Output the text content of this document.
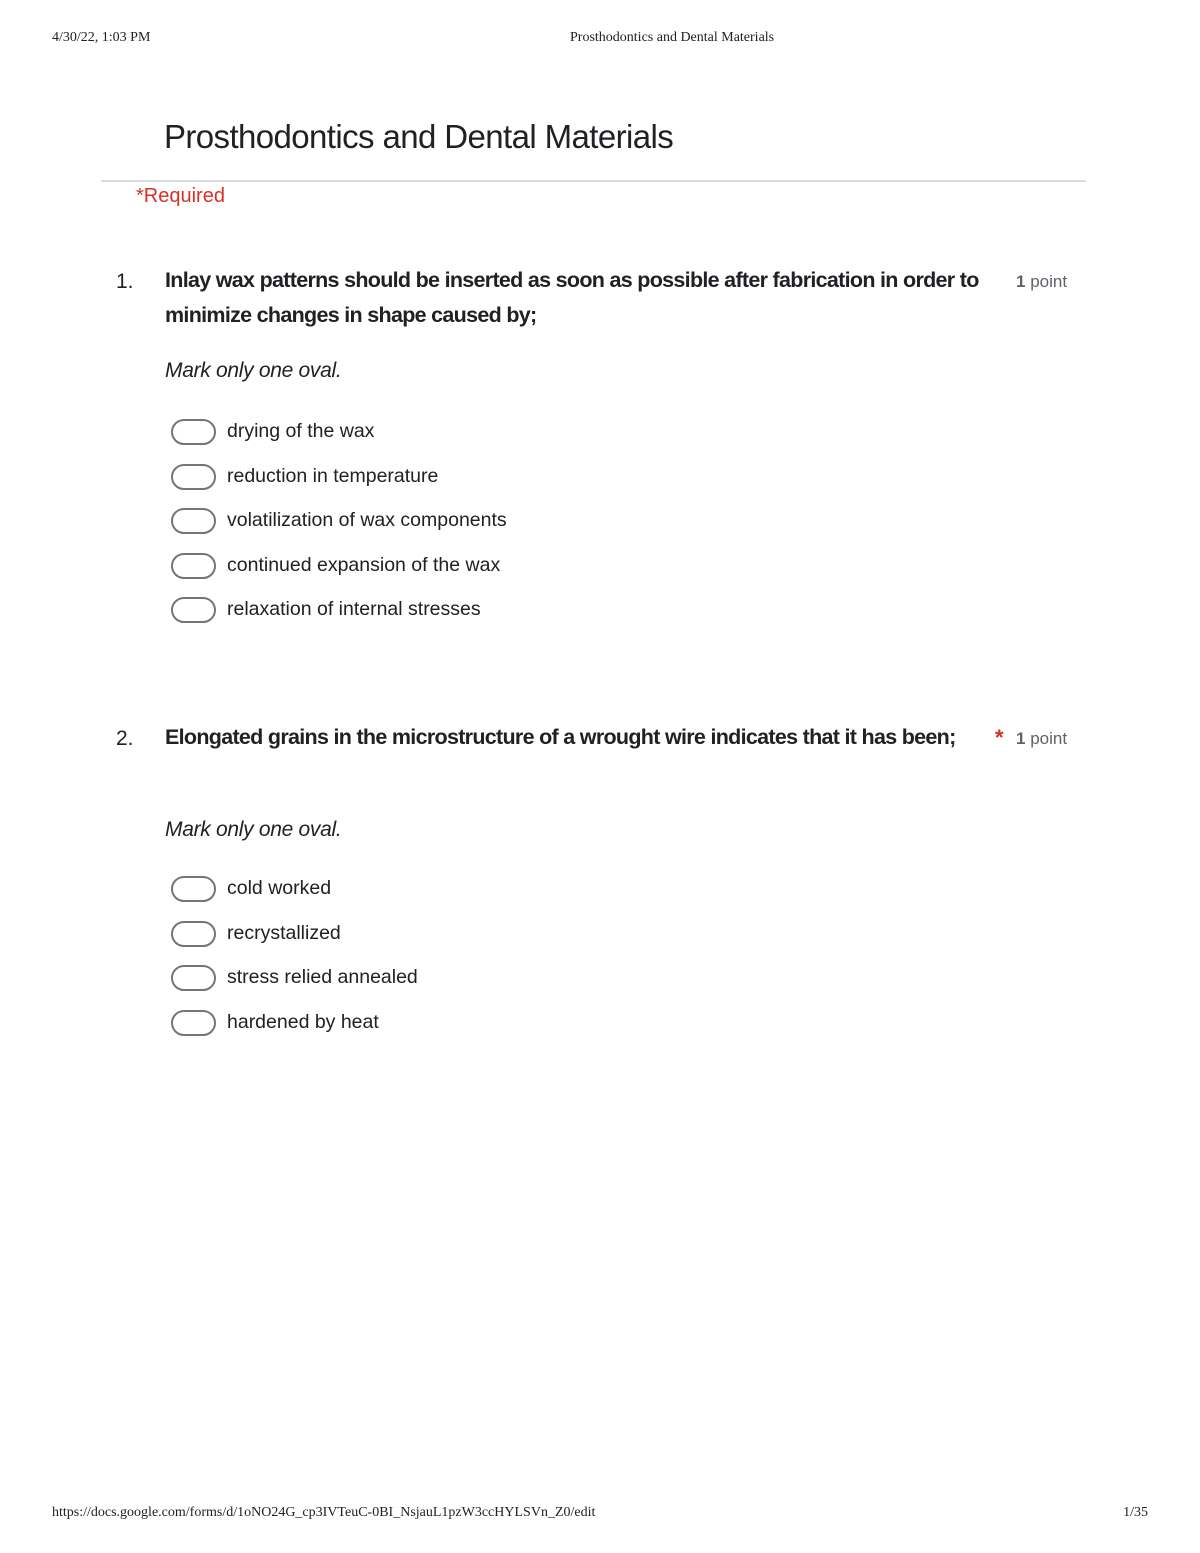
4/30/22, 1:03 PM	Prosthodontics and Dental Materials
Prosthodontics and Dental Materials
*Required
1. Inlay wax patterns should be inserted as soon as possible after fabrication in order to minimize changes in shape caused by;
1 point
Mark only one oval.
drying of the wax
reduction in temperature
volatilization of wax components
continued expansion of the wax
relaxation of internal stresses
2. Elongated grains in the microstructure of a wrought wire indicates that it has been;	* 1 point
Mark only one oval.
cold worked
recrystallized
stress relied annealed
hardened by heat
https://docs.google.com/forms/d/1oNO24G_cp3IVTeuC-0BI_NsjauL1pzW3ccHYLSVn_Z0/edit	1/35
